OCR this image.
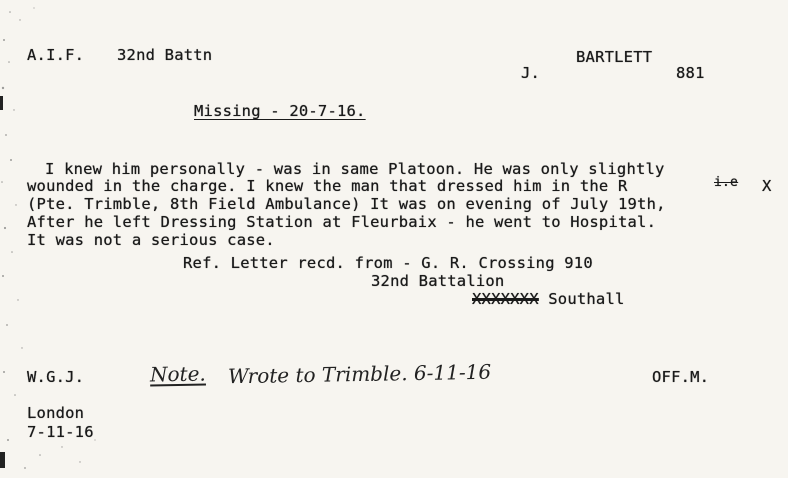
A.I.F. 32nd Battn	BARTLETT
J.	881
Missing - 20-7-16.
I knew him personally - was in same Platoon. He was only slightly
wounded in the charge. I knew the man that dressed him in the R	i.e X
(Pte. Trimble, 8th Field Ambulance) It was on evening of July 19th,
After he left Dressing Station at Fleurbaix - he went to Hospital.
It was not a serious case.
Ref. Letter recd. from - G. R. Crossing 910
32nd Battalion
XXXXXXX Southall
W.G.J.	Note. Wrote to Trimble. 6-11-16	OFF.M.
London
7-11-16
